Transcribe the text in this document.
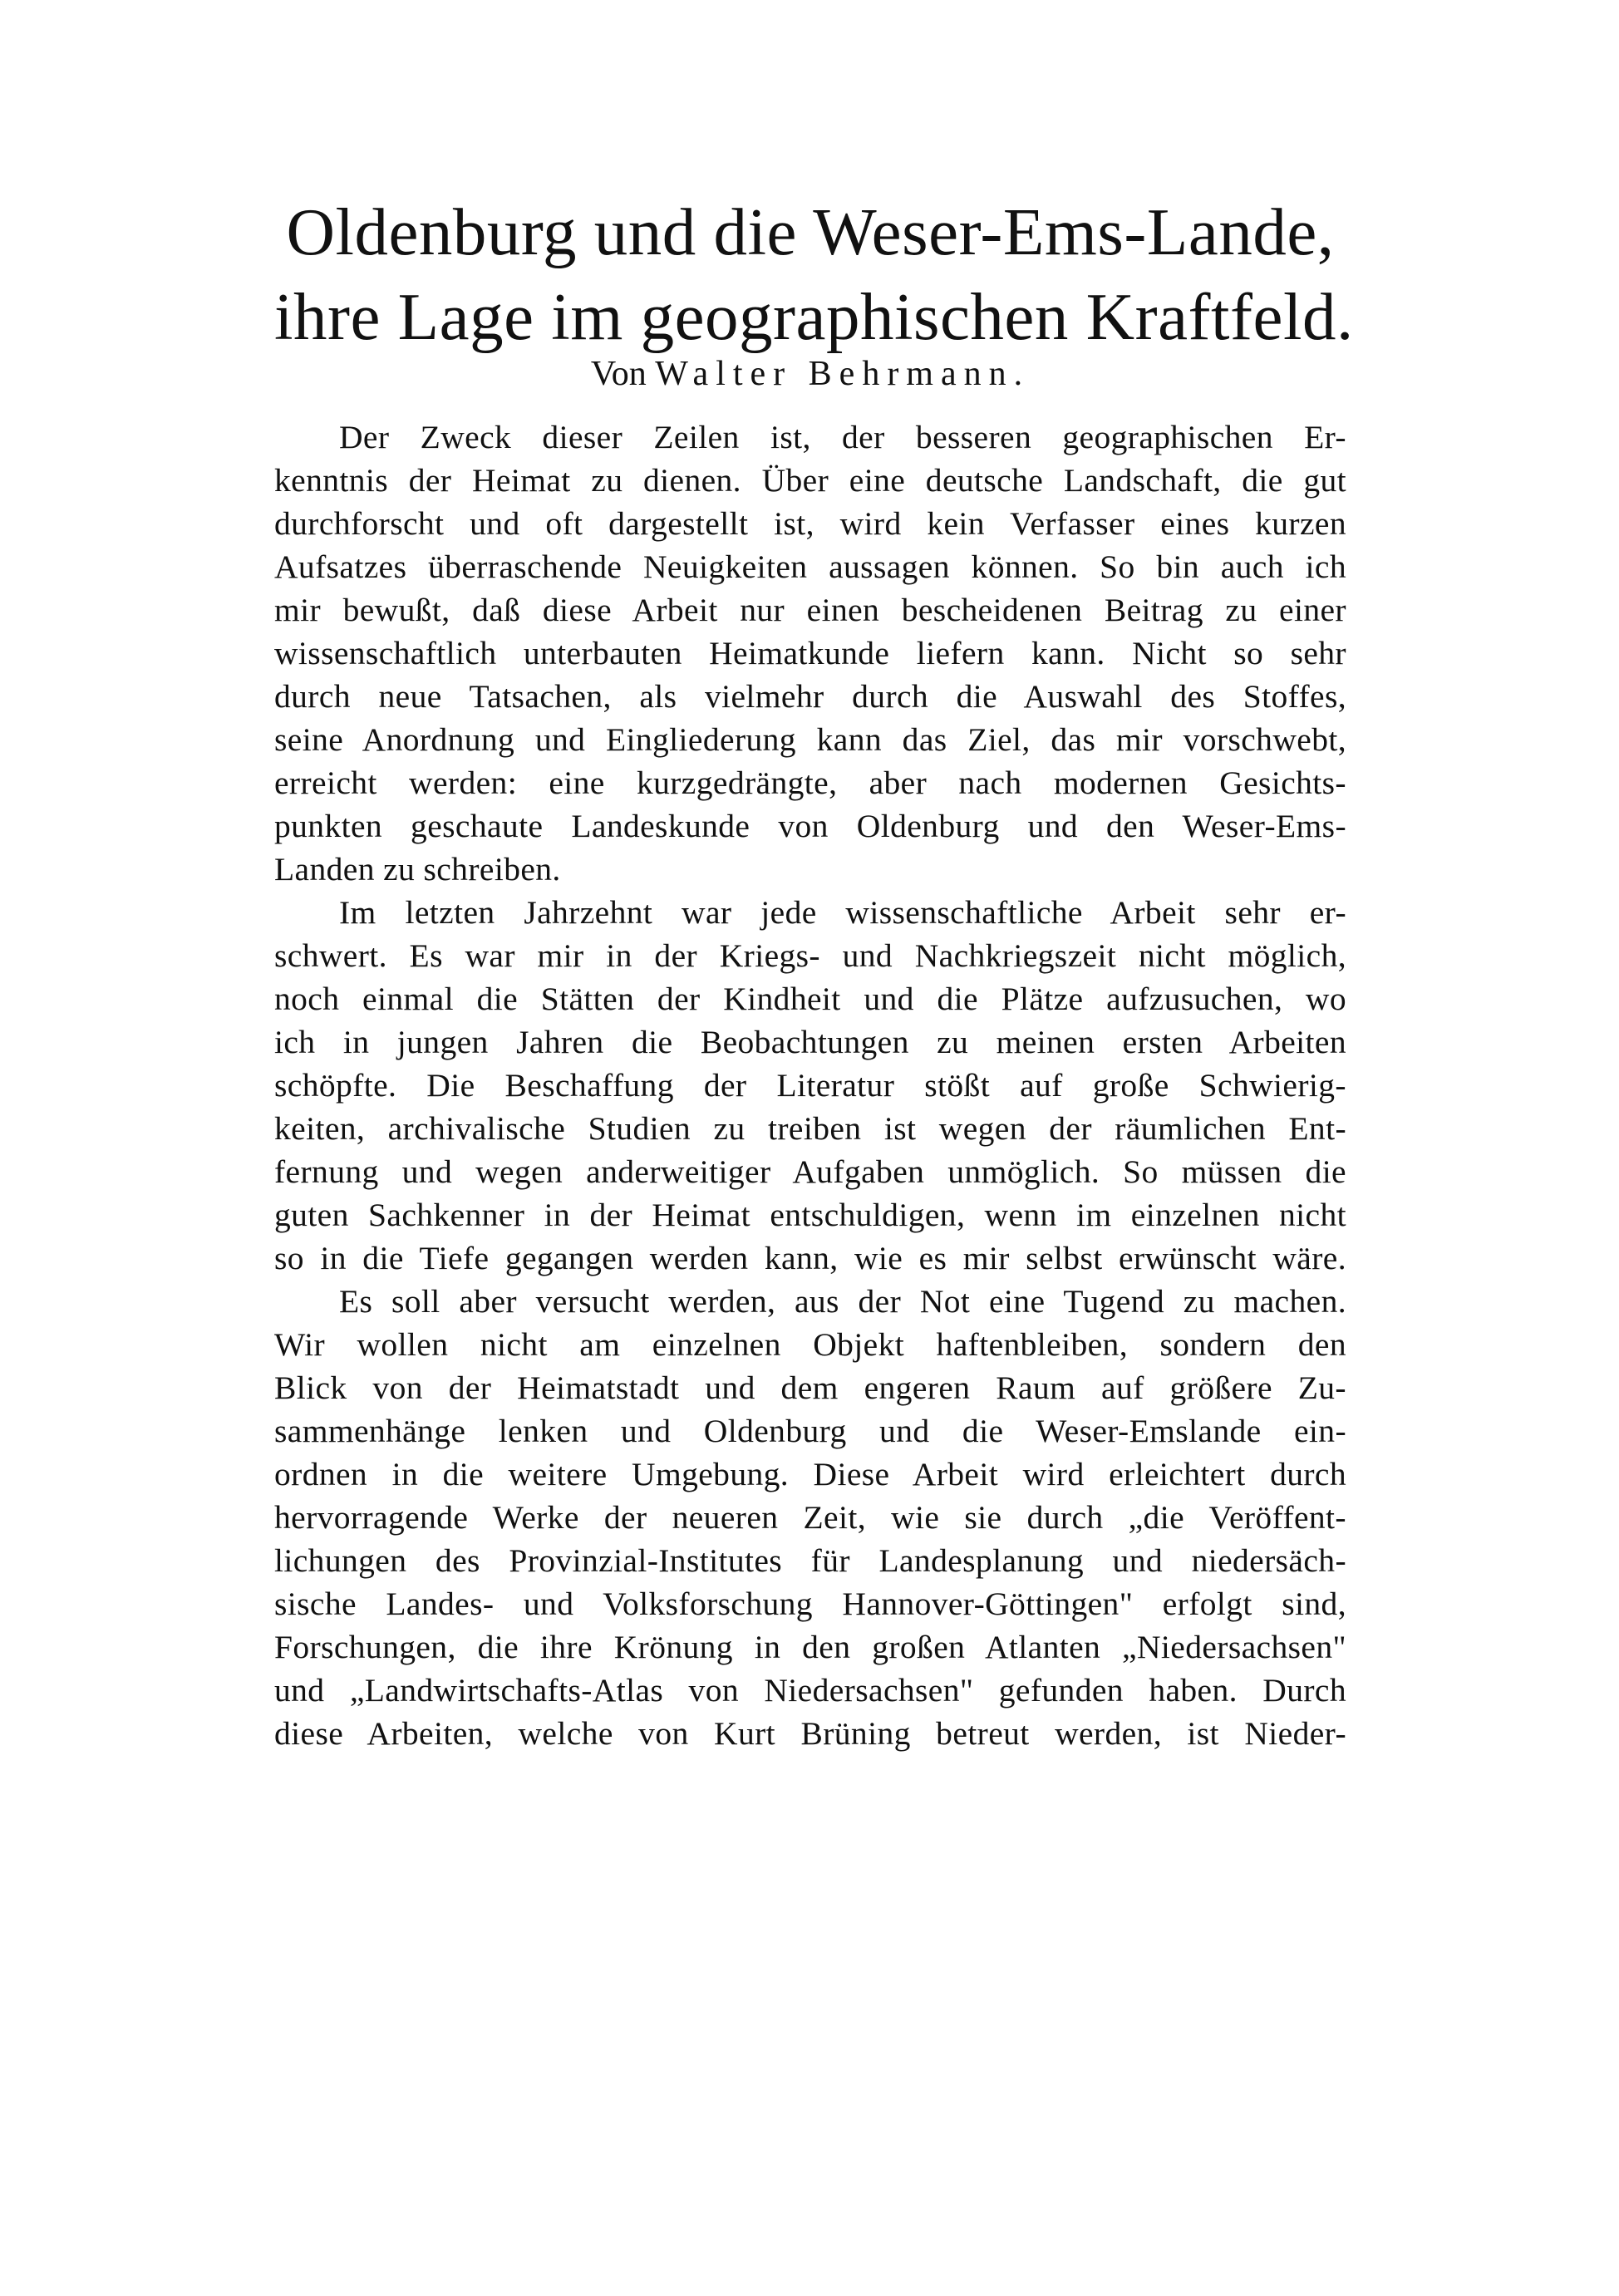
Oldenburg und die Weser-Ems-Lande,
ihre Lage im geographischen Kraftfeld.
Von Walter Behrmann.
Der Zweck dieser Zeilen ist, der besseren geographischen Er-
kenntnis der Heimat zu dienen. Über eine deutsche Landschaft, die gut
durchforscht und oft dargestellt ist, wird kein Verfasser eines kurzen
Aufsatzes überraschende Neuigkeiten aussagen können. So bin auch ich
mir bewußt, daß diese Arbeit nur einen bescheidenen Beitrag zu einer
wissenschaftlich unterbauten Heimatkunde liefern kann. Nicht so sehr
durch neue Tatsachen, als vielmehr durch die Auswahl des Stoffes,
seine Anordnung und Eingliederung kann das Ziel, das mir vorschwebt,
erreicht werden: eine kurzgedrängte, aber nach modernen Gesichts-
punkten geschaute Landeskunde von Oldenburg und den Weser-Ems-
Landen zu schreiben.
Im letzten Jahrzehnt war jede wissenschaftliche Arbeit sehr er-
schwert. Es war mir in der Kriegs- und Nachkriegszeit nicht möglich,
noch einmal die Stätten der Kindheit und die Plätze aufzusuchen, wo
ich in jungen Jahren die Beobachtungen zu meinen ersten Arbeiten
schöpfte. Die Beschaffung der Literatur stößt auf große Schwierig-
keiten, archivalische Studien zu treiben ist wegen der räumlichen Ent-
fernung und wegen anderweitiger Aufgaben unmöglich. So müssen die
guten Sachkenner in der Heimat entschuldigen, wenn im einzelnen nicht
so in die Tiefe gegangen werden kann, wie es mir selbst erwünscht wäre.
Es soll aber versucht werden, aus der Not eine Tugend zu machen.
Wir wollen nicht am einzelnen Objekt haftenbleiben, sondern den
Blick von der Heimatstadt und dem engeren Raum auf größere Zu-
sammenhänge lenken und Oldenburg und die Weser-Emslande ein-
ordnen in die weitere Umgebung. Diese Arbeit wird erleichtert durch
hervorragende Werke der neueren Zeit, wie sie durch „die Veröffent-
lichungen des Provinzial-Institutes für Landesplanung und niedersäch-
sische Landes- und Volksforschung Hannover-Göttingen" erfolgt sind,
Forschungen, die ihre Krönung in den großen Atlanten „Niedersachsen"
und „Landwirtschafts-Atlas von Niedersachsen" gefunden haben. Durch
diese Arbeiten, welche von Kurt Brüning betreut werden, ist Nieder-
